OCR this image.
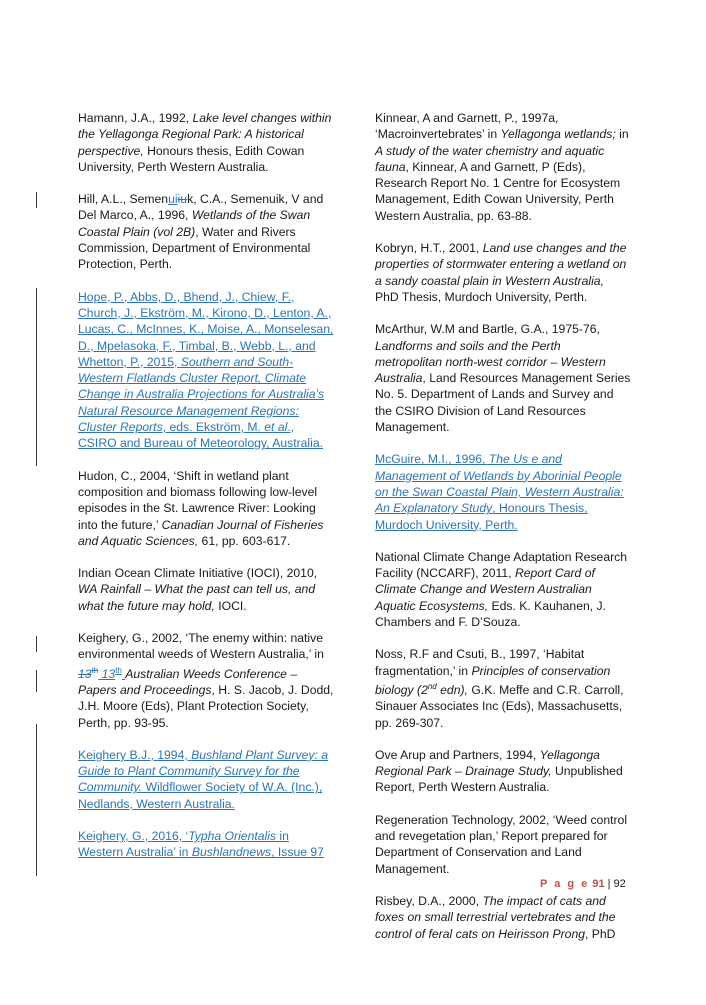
Hamann, J.A., 1992, Lake level changes within the Yellagonga Regional Park: A historical perspective, Honours thesis, Edith Cowan University, Perth Western Australia.
Hill, A.L., Semenuiiuk, C.A., Semenuik, V and Del Marco, A., 1996, Wetlands of the Swan Coastal Plain (vol 2B), Water and Rivers Commission, Department of Environmental Protection, Perth.
Hope, P., Abbs, D., Bhend, J., Chiew, F., Church, J., Ekström, M., Kirono, D., Lenton, A., Lucas, C., McInnes, K., Moise, A., Monselesan, D., Mpelasoka, F., Timbal, B., Webb, L., and Whetton, P., 2015, Southern and South-Western Flatlands Cluster Report, Climate Change in Australia Projections for Australia’s Natural Resource Management Regions: Cluster Reports, eds. Ekström, M. et al., CSIRO and Bureau of Meteorology, Australia.
Hudon, C., 2004, ‘Shift in wetland plant composition and biomass following low-level episodes in the St. Lawrence River: Looking into the future,’ Canadian Journal of Fisheries and Aquatic Sciences, 61, pp. 603-617.
Indian Ocean Climate Initiative (IOCI), 2010, WA Rainfall – What the past can tell us, and what the future may hold, IOCI.
Keighery, G., 2002, ‘The enemy within: native environmental weeds of Western Australia,’ in 13th 13th Australian Weeds Conference – Papers and Proceedings, H. S. Jacob, J. Dodd, J.H. Moore (Eds), Plant Protection Society, Perth, pp. 93-95.
Keighery B.J., 1994, Bushland Plant Survey: a Guide to Plant Community Survey for the Community. Wildflower Society of W.A. (Inc.), Nedlands, Western Australia.
Keighery, G., 2016, ‘Typha Orientalis in Western Australia’ in Bushlandnews, Issue 97
Kinnear, A and Garnett, P., 1997a, ‘Macroinvertebrates’ in Yellagonga wetlands; in A study of the water chemistry and aquatic fauna, Kinnear, A and Garnett, P (Eds), Research Report No. 1 Centre for Ecosystem Management, Edith Cowan University, Perth Western Australia, pp. 63-88.
Kobryn, H.T., 2001, Land use changes and the properties of stormwater entering a wetland on a sandy coastal plain in Western Australia, PhD Thesis, Murdoch University, Perth.
McArthur, W.M and Bartle, G.A., 1975-76, Landforms and soils and the Perth metropolitan north-west corridor – Western Australia, Land Resources Management Series No. 5. Department of Lands and Survey and the CSIRO Division of Land Resources Management.
McGuire, M.I., 1996, The Us e and Management of Wetlands by Aborinial People on the Swan Coastal Plain, Western Australia: An Explanatory Study, Honours Thesis, Murdoch University, Perth.
National Climate Change Adaptation Research Facility (NCCARF), 2011, Report Card of Climate Change and Western Australian Aquatic Ecosystems, Eds. K. Kauhanen, J. Chambers and F. D’Souza.
Noss, R.F and Csuti, B., 1997, ‘Habitat fragmentation,’ in Principles of conservation biology (2nd edn), G.K. Meffe and C.R. Carroll, Sinauer Associates Inc (Eds), Massachusetts, pp. 269-307.
Ove Arup and Partners, 1994, Yellagonga Regional Park – Drainage Study, Unpublished Report, Perth Western Australia.
Regeneration Technology, 2002, ‘Weed control and revegetation plan,’ Report prepared for Department of Conservation and Land Management.
Risbey, D.A., 2000, The impact of cats and foxes on small terrestrial vertebrates and the control of feral cats on Heirisson Prong, PhD
P a g e 91 | 92
